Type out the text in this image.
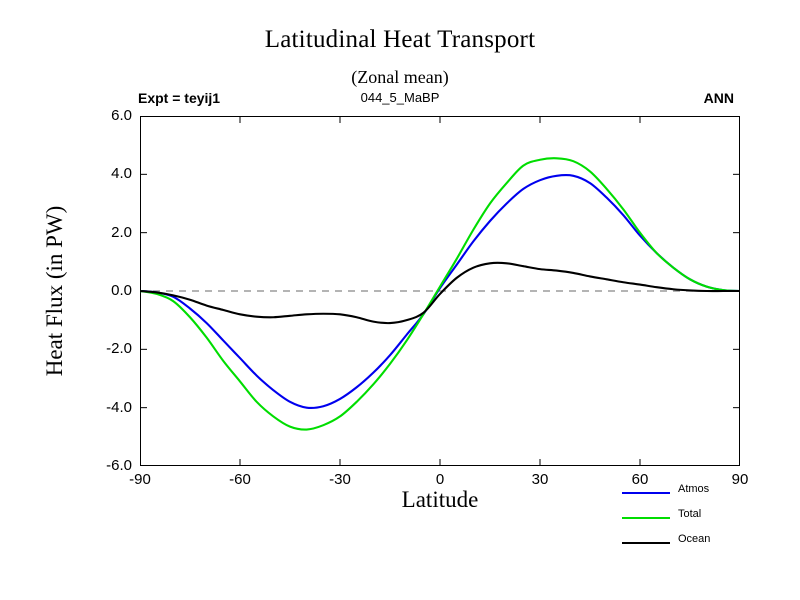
Latitudinal Heat Transport
(Zonal mean)
Expt = teyij1	044_5_MaBP	ANN
Heat Flux (in PW)
Latitude
6.0
4.0
2.0
0.0
-2.0
-4.0
-6.0
-90	-60	-30	0	30	60	90
Atmos
Total
Ocean
